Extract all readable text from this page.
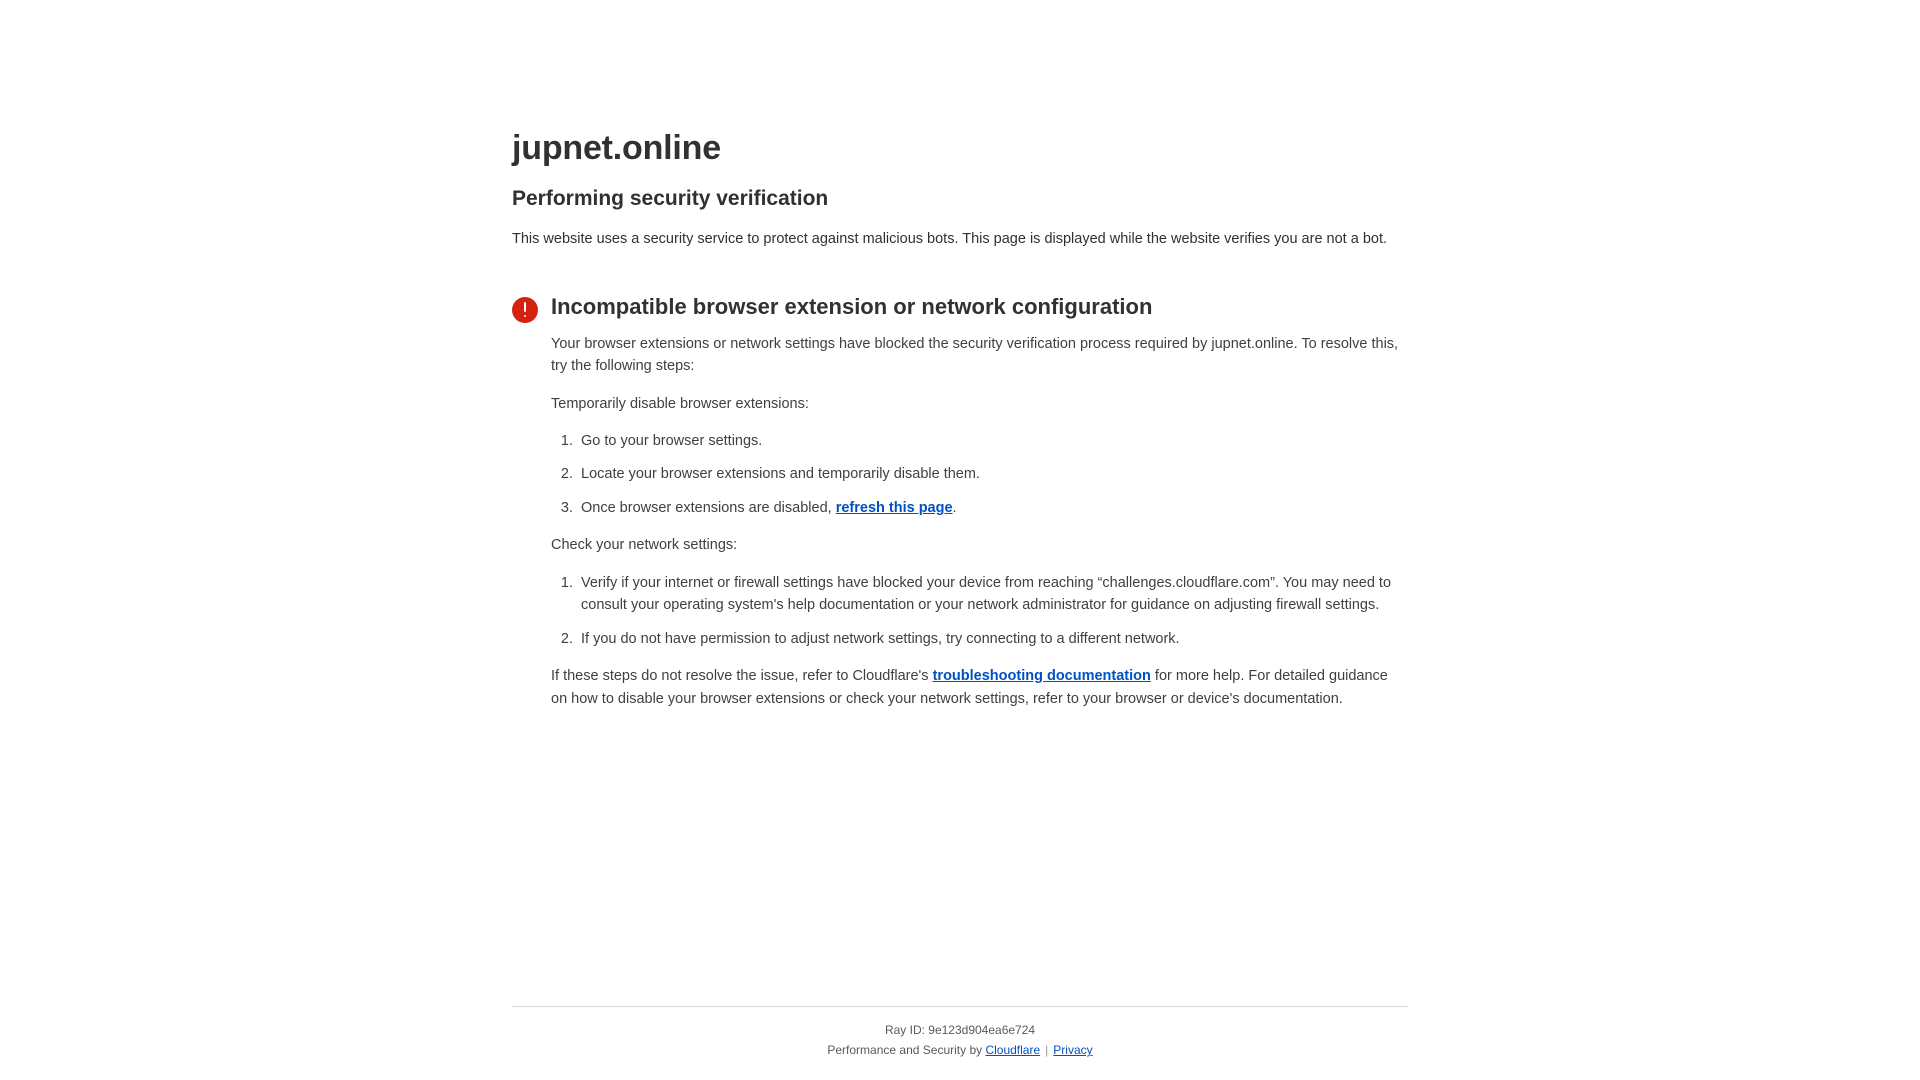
jupnet.online
Performing security verification

This website uses a security service to protect against malicious bots. This page is displayed while the website verifies you are not a bot.

Incompatible browser extension or network configuration

Your browser extensions or network settings have blocked the security verification process required by jupnet.online. To resolve this, try the following steps:

Temporarily disable browser extensions:

1. Go to your browser settings.
2. Locate your browser extensions and temporarily disable them.
3. Once browser extensions are disabled, refresh this page.

Check your network settings:

1. Verify if your internet or firewall settings have blocked your device from reaching “challenges.cloudflare.com”. You may need to consult your operating system's help documentation or your network administrator for guidance on adjusting firewall settings.
2. If you do not have permission to adjust network settings, try connecting to a different network.

If these steps do not resolve the issue, refer to Cloudflare's troubleshooting documentation for more help. For detailed guidance on how to disable your browser extensions or check your network settings, refer to your browser or device's documentation.

Ray ID: 9e123d904ea6e724
Performance and Security by Cloudflare | Privacy
